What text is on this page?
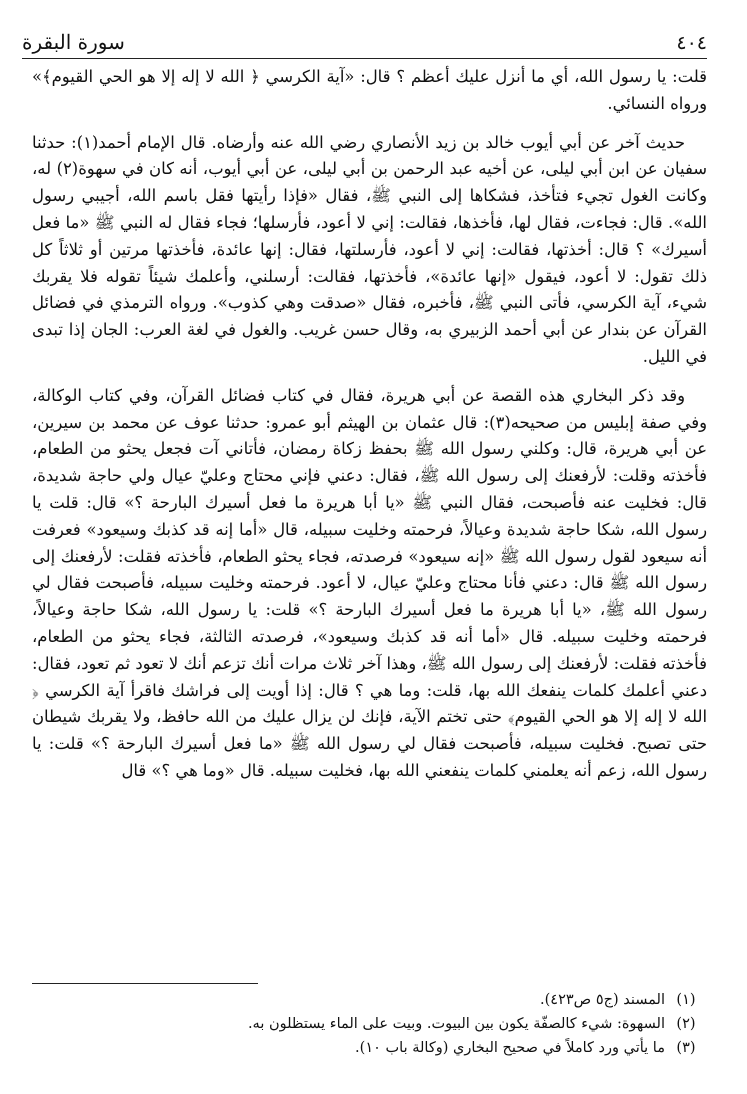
٤٠٤
سورة البقرة

قلت: يا رسول الله، أي ما أنزل عليك أعظم ؟ قال: «آية الكرسي ﴿ الله لا إله إلا هو الحي القيوم﴾» ورواه النسائي.

حديث آخر عن أبي أيوب خالد بن زيد الأنصاري رضي الله عنه وأرضاه. قال الإمام أحمد(١): حدثنا سفيان عن ابن أبي ليلى، عن أخيه عبد الرحمن بن أبي ليلى، عن أبي أيوب، أنه كان في سهوة(٢) له، وكانت الغول تجيء فتأخذ، فشكاها إلى النبي ﷺ، فقال «فإذا رأيتها فقل باسم الله، أجيبي رسول الله». قال: فجاءت، فقال لها، فأخذها، فقالت: إني لا أعود، فأرسلها؛ فجاء فقال له النبي ﷺ «ما فعل أسيرك» ؟ قال: أخذتها، فقالت: إني لا أعود، فأرسلتها، فقال: إنها عائدة، فأخذتها مرتين أو ثلاثاً كل ذلك تقول: لا أعود، فيقول «إنها عائدة»، فأخذتها، فقالت: أرسلني، وأعلمك شيئاً تقوله فلا يقربك شيء، آية الكرسي، فأتى النبي ﷺ، فأخبره، فقال «صدقت وهي كذوب». ورواه الترمذي في فضائل القرآن عن بندار عن أبي أحمد الزبيري به، وقال حسن غريب. والغول في لغة العرب: الجان إذا تبدى في الليل.

وقد ذكر البخاري هذه القصة عن أبي هريرة، فقال في كتاب فضائل القرآن، وفي كتاب الوكالة، وفي صفة إبليس من صحيحه(٣): قال عثمان بن الهيثم أبو عمرو: حدثنا عوف عن محمد بن سيرين، عن أبي هريرة، قال: وكلني رسول الله ﷺ بحفظ زكاة رمضان، فأتاني آت فجعل يحثو من الطعام، فأخذته وقلت: لأرفعنك إلى رسول الله ﷺ، فقال: دعني فإني محتاج وعليّ عيال ولي حاجة شديدة، قال: فخليت عنه فأصبحت، فقال النبي ﷺ «يا أبا هريرة ما فعل أسيرك البارحة ؟» قال: قلت يا رسول الله، شكا حاجة شديدة وعيالاً، فرحمته وخليت سبيله، قال «أما إنه قد كذبك وسيعود» فعرفت أنه سيعود لقول رسول الله ﷺ «إنه سيعود» فرصدته، فجاء يحثو الطعام، فأخذته فقلت: لأرفعنك إلى رسول الله ﷺ قال: دعني فأنا محتاج وعليّ عيال، لا أعود. فرحمته وخليت سبيله، فأصبحت فقال لي رسول الله ﷺ، «يا أبا هريرة ما فعل أسيرك البارحة ؟» قلت: يا رسول الله، شكا حاجة وعيالاً، فرحمته وخليت سبيله. قال «أما أنه قد كذبك وسيعود»، فرصدته الثالثة، فجاء يحثو من الطعام، فأخذته فقلت: لأرفعنك إلى رسول الله ﷺ، وهذا آخر ثلاث مرات أنك تزعم أنك لا تعود ثم تعود، فقال: دعني أعلمك كلمات ينفعك الله بها، قلت: وما هي ؟ قال: إذا أويت إلى فراشك فاقرأ آية الكرسي ﴿ الله لا إله إلا هو الحي القيوم﴾ حتى تختم الآية، فإنك لن يزال عليك من الله حافظ، ولا يقربك شيطان حتى تصبح. فخليت سبيله، فأصبحت فقال لي رسول الله ﷺ «ما فعل أسيرك البارحة ؟» قلت: يا رسول الله، زعم أنه يعلمني كلمات ينفعني الله بها، فخليت سبيله. قال «وما هي ؟» قال

(١)
المسند (ج٥ ص٤٢٣).
(٢)
السهوة: شيء كالصفّة يكون بين البيوت. وبيت على الماء يستظلون به.
(٣)
ما يأتي ورد كاملاً في صحيح البخاري (وكالة باب ١٠).
